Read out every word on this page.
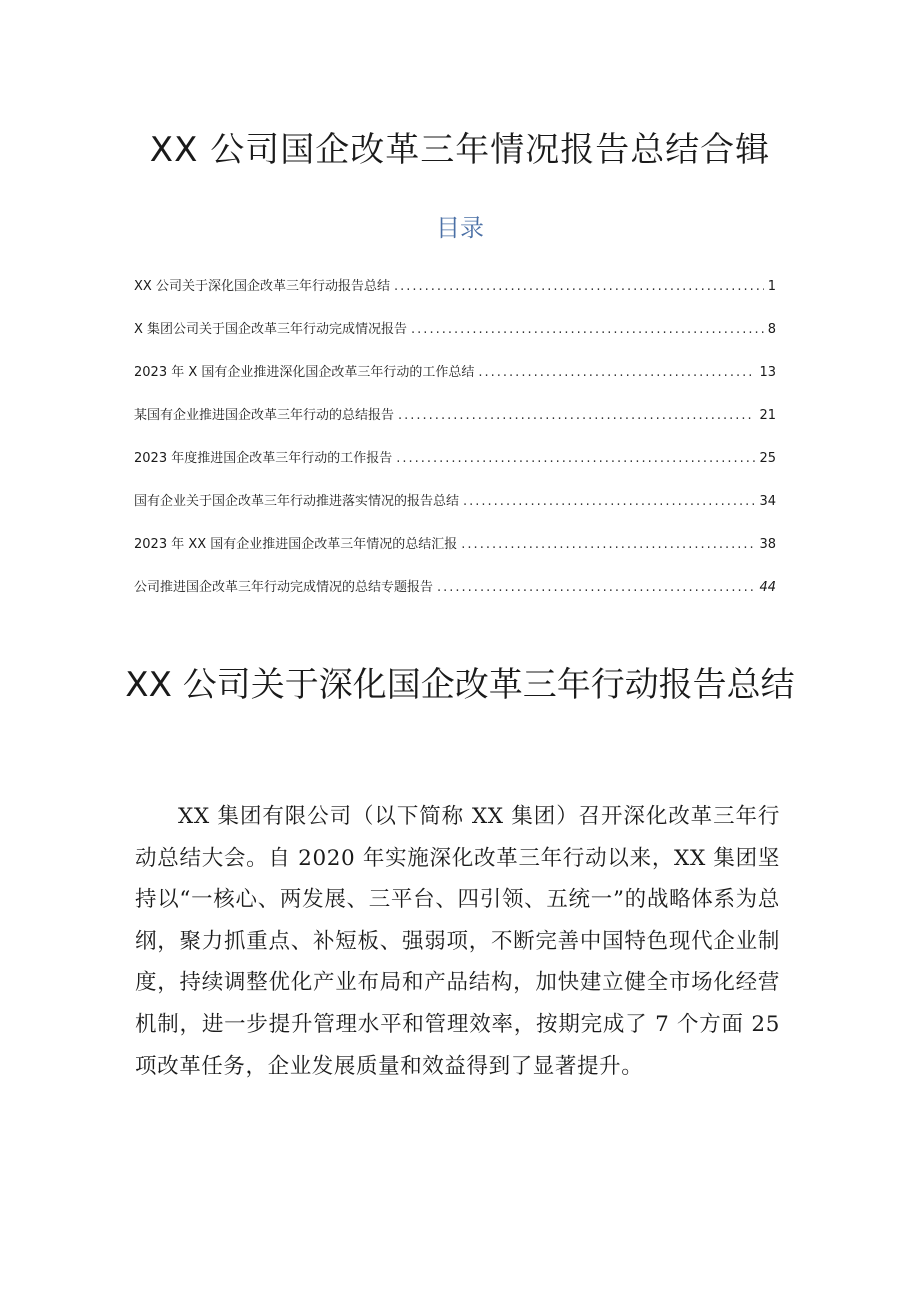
XX 公司国企改革三年情况报告总结合辑
目录
XX 公司关于深化国企改革三年行动报告总结 .....	1
X 集团公司关于国企改革三年行动完成情况报告 .....	8
2023 年 X 国有企业推进深化国企改革三年行动的工作总结 .....	13
某国有企业推进国企改革三年行动的总结报告 .....	21
2023 年度推进国企改革三年行动的工作报告 .....	25
国有企业关于国企改革三年行动推进落实情况的报告总结 .....	34
2023 年 XX 国有企业推进国企改革三年情况的总结汇报 .....	38
公司推进国企改革三年行动完成情况的总结专题报告 .....	44
XX 公司关于深化国企改革三年行动报告总结

XX 集团有限公司（以下简称 XX 集团）召开深化改革三年行动总结大会。自 2020 年实施深化改革三年行动以来，XX 集团坚持以“一核心、两发展、三平台、四引领、五统一”的战略体系为总纲，聚力抓重点、补短板、强弱项，不断完善中国特色现代企业制度，持续调整优化产业布局和产品结构，加快建立健全市场化经营机制，进一步提升管理水平和管理效率，按期完成了 7 个方面 25 项改革任务，企业发展质量和效益得到了显著提升。
